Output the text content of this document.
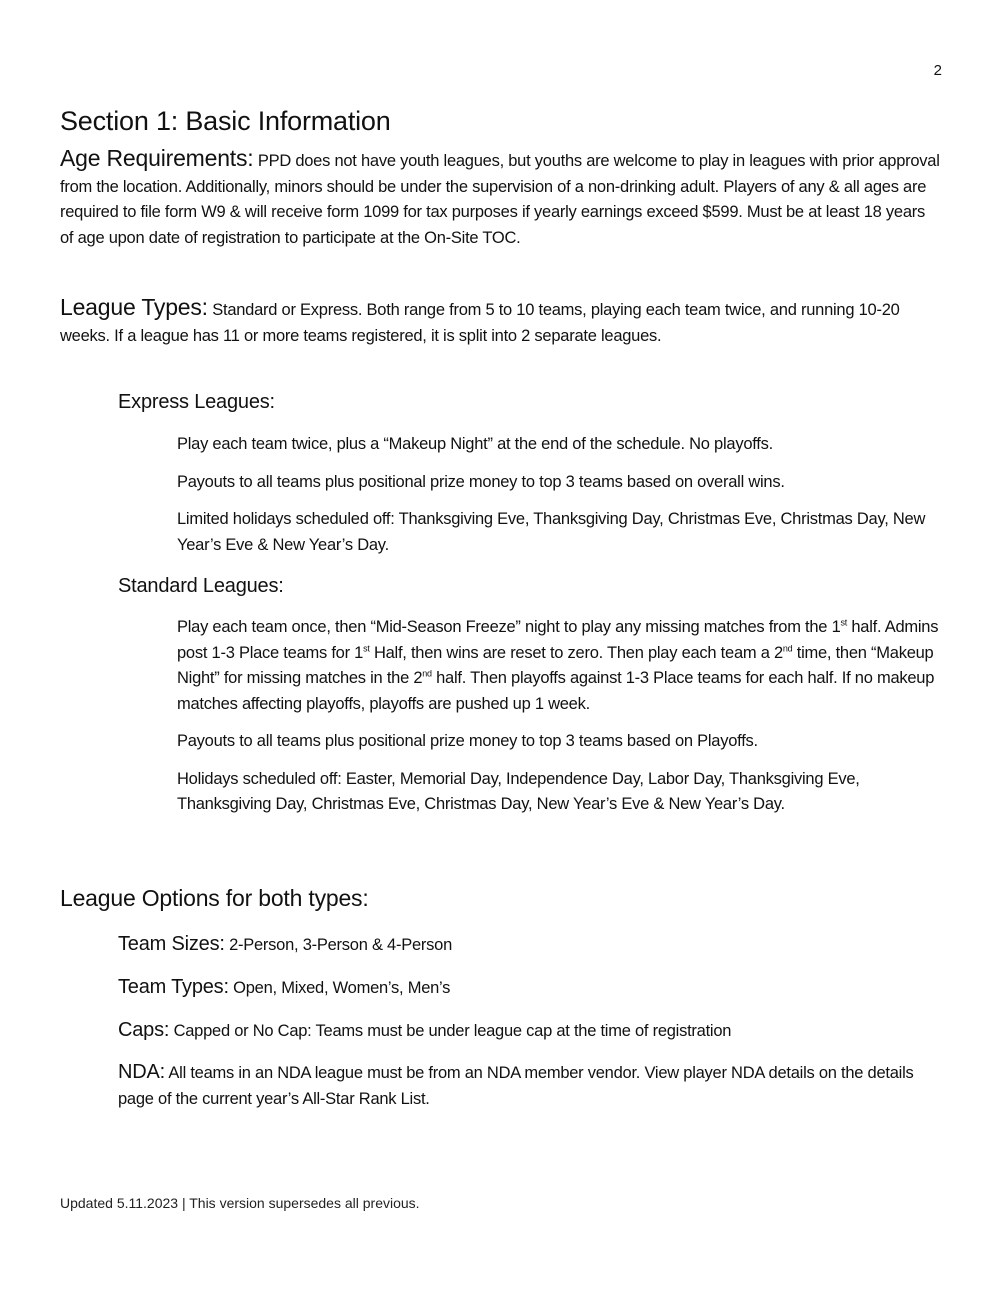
2
Section 1: Basic Information

Age Requirements: PPD does not have youth leagues, but youths are welcome to play in leagues with prior approval from the location. Additionally, minors should be under the supervision of a non-drinking adult. Players of any & all ages are required to file form W9 & will receive form 1099 for tax purposes if yearly earnings exceed $599. Must be at least 18 years of age upon date of registration to participate at the On-Site TOC.

League Types: Standard or Express. Both range from 5 to 10 teams, playing each team twice, and running 10-20 weeks. If a league has 11 or more teams registered, it is split into 2 separate leagues.

Express Leagues:

Play each team twice, plus a “Makeup Night” at the end of the schedule. No playoffs.

Payouts to all teams plus positional prize money to top 3 teams based on overall wins.

Limited holidays scheduled off: Thanksgiving Eve, Thanksgiving Day, Christmas Eve, Christmas Day, New Year’s Eve & New Year’s Day.

Standard Leagues:

Play each team once, then “Mid-Season Freeze” night to play any missing matches from the 1st half. Admins post 1-3 Place teams for 1st Half, then wins are reset to zero. Then play each team a 2nd time, then “Makeup Night” for missing matches in the 2nd half. Then playoffs against 1-3 Place teams for each half. If no makeup matches affecting playoffs, playoffs are pushed up 1 week.

Payouts to all teams plus positional prize money to top 3 teams based on Playoffs.

Holidays scheduled off: Easter, Memorial Day, Independence Day, Labor Day, Thanksgiving Eve, Thanksgiving Day, Christmas Eve, Christmas Day, New Year’s Eve & New Year’s Day.

League Options for both types:

Team Sizes: 2-Person, 3-Person & 4-Person

Team Types: Open, Mixed, Women’s, Men’s

Caps: Capped or No Cap: Teams must be under league cap at the time of registration

NDA: All teams in an NDA league must be from an NDA member vendor. View player NDA details on the details page of the current year’s All-Star Rank List.

Updated 5.11.2023 | This version supersedes all previous.
